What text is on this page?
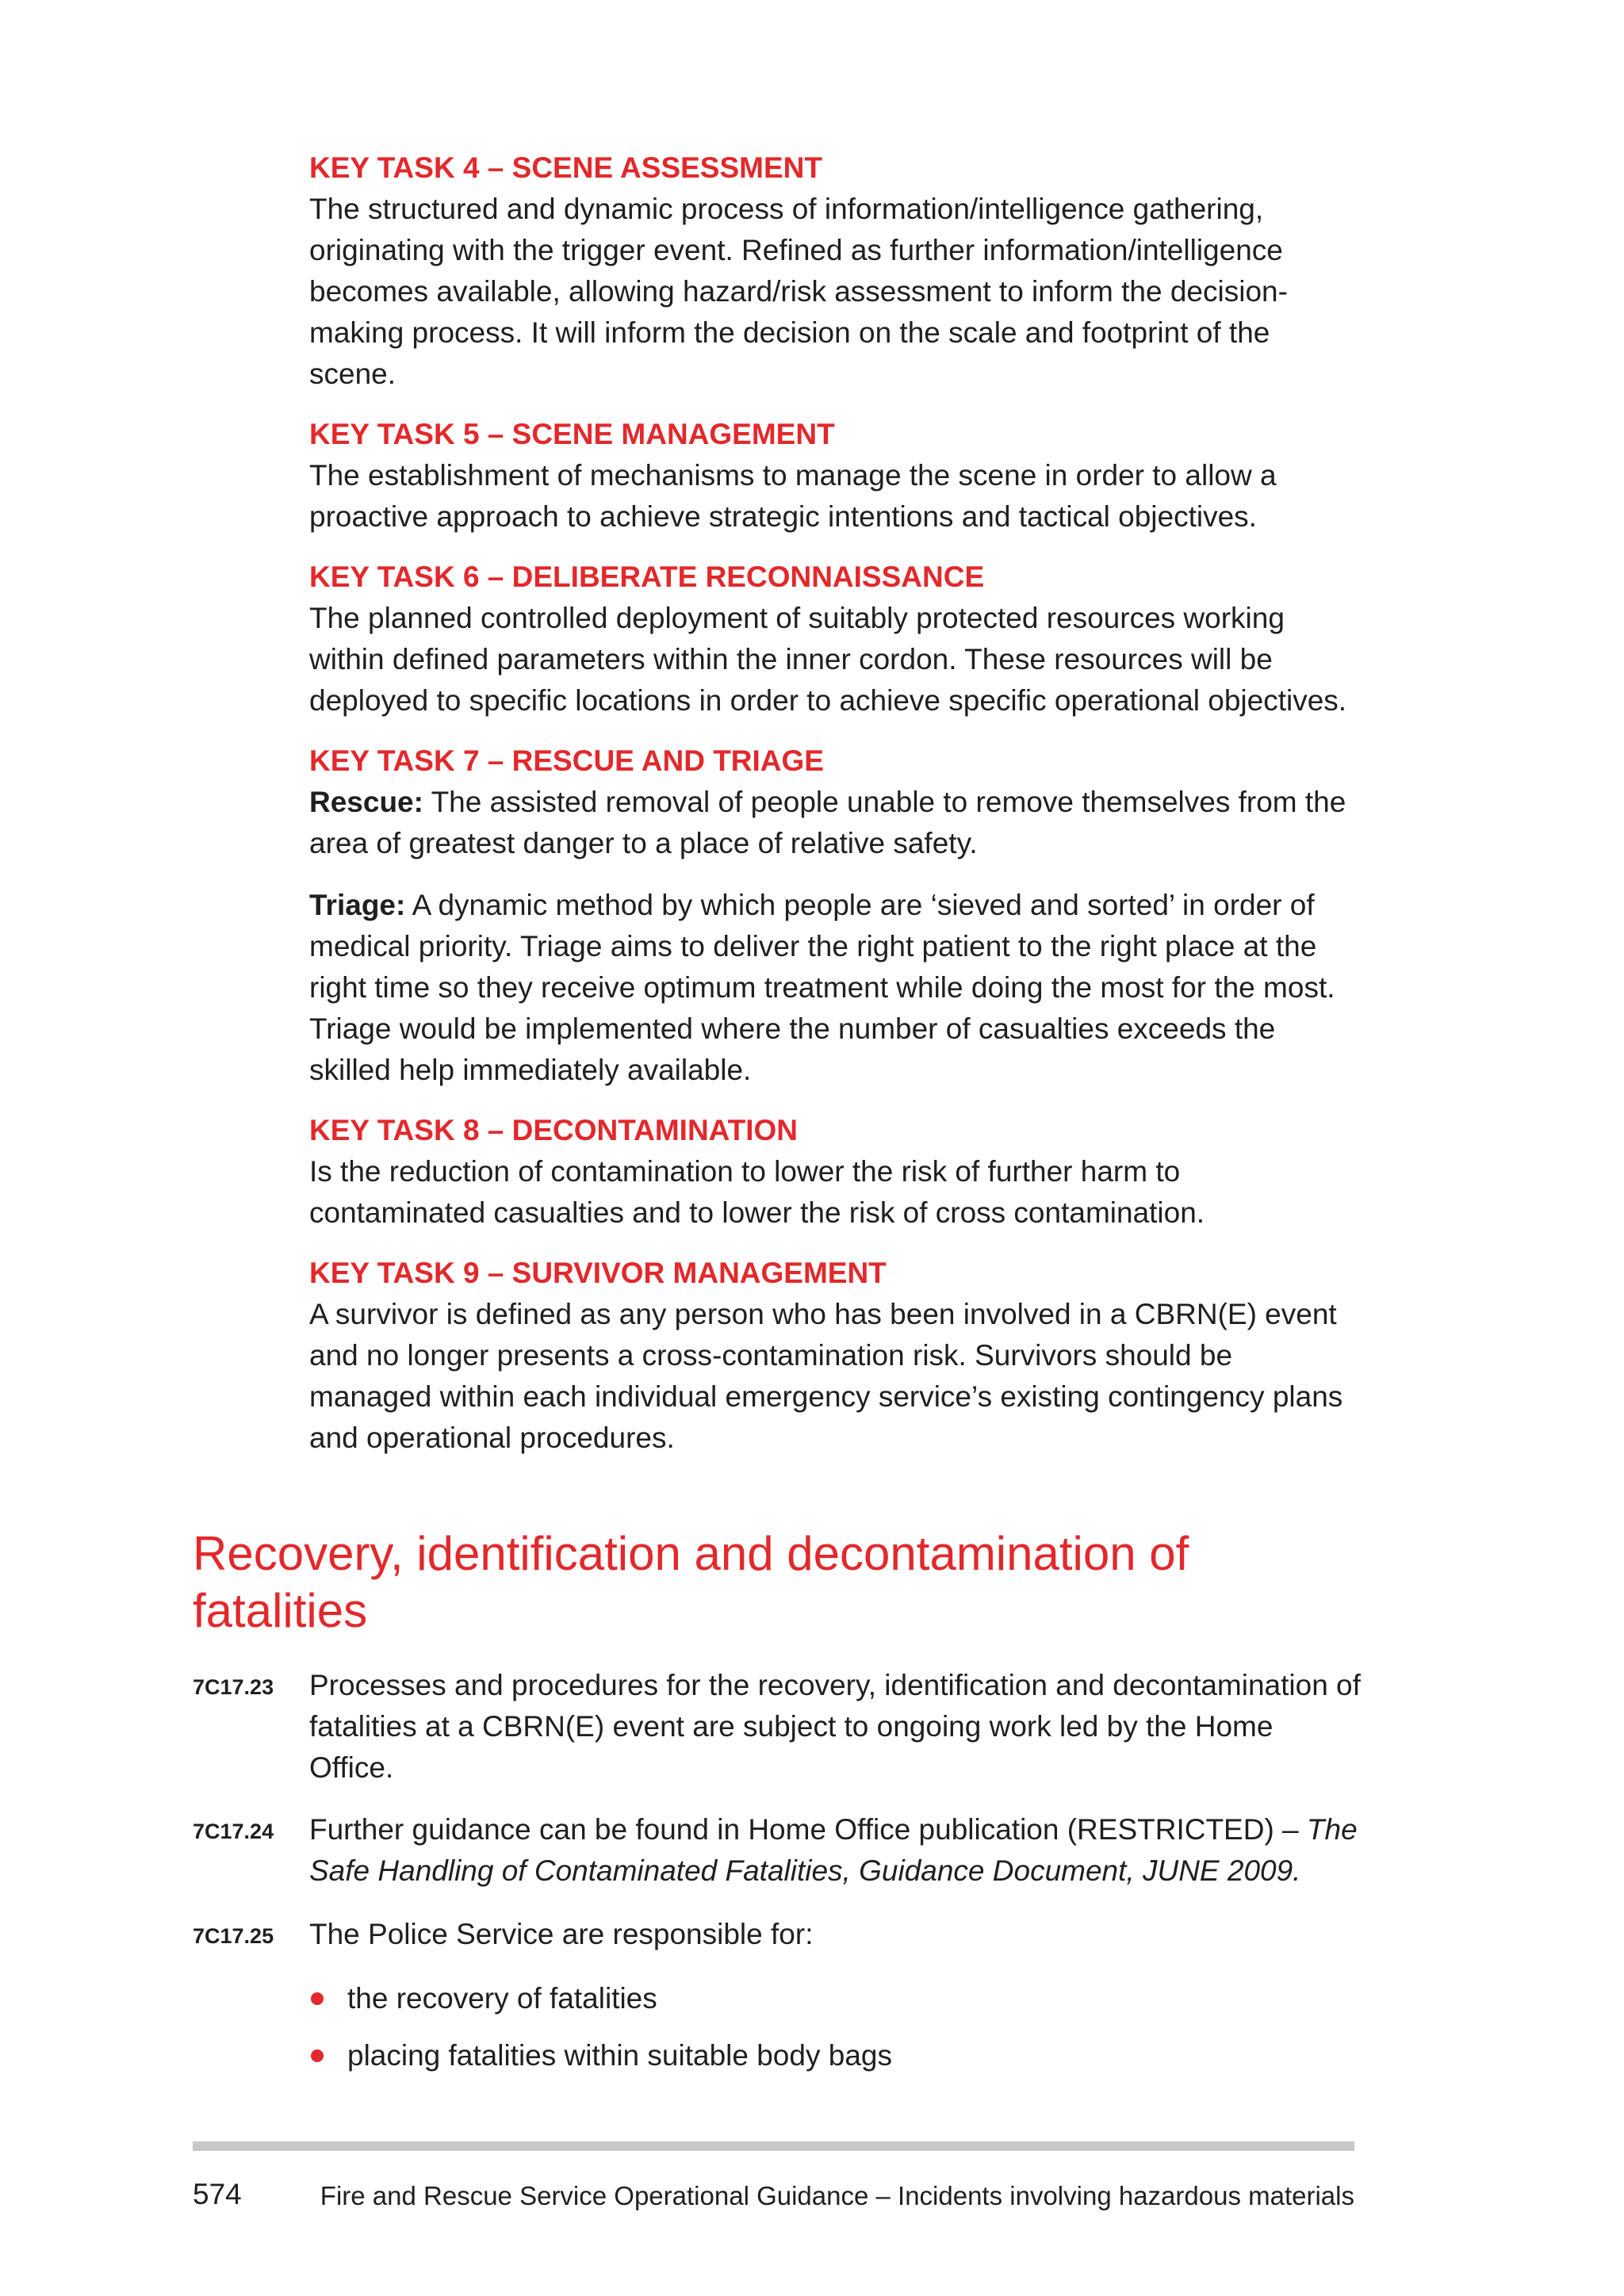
KEY TASK 4 – SCENE ASSESSMENT

The structured and dynamic process of information/intelligence gathering, originating with the trigger event. Refined as further information/intelligence becomes available, allowing hazard/risk assessment to inform the decision-making process. It will inform the decision on the scale and footprint of the scene.

KEY TASK 5 – SCENE MANAGEMENT

The establishment of mechanisms to manage the scene in order to allow a proactive approach to achieve strategic intentions and tactical objectives.

KEY TASK 6 – DELIBERATE RECONNAISSANCE

The planned controlled deployment of suitably protected resources working within defined parameters within the inner cordon. These resources will be deployed to specific locations in order to achieve specific operational objectives.

KEY TASK 7 – RESCUE AND TRIAGE

Rescue: The assisted removal of people unable to remove themselves from the area of greatest danger to a place of relative safety.

Triage: A dynamic method by which people are ‘sieved and sorted’ in order of medical priority. Triage aims to deliver the right patient to the right place at the right time so they receive optimum treatment while doing the most for the most. Triage would be implemented where the number of casualties exceeds the skilled help immediately available.

KEY TASK 8 – DECONTAMINATION

Is the reduction of contamination to lower the risk of further harm to contaminated casualties and to lower the risk of cross contamination.

KEY TASK 9 – SURVIVOR MANAGEMENT

A survivor is defined as any person who has been involved in a CBRN(E) event and no longer presents a cross-contamination risk. Survivors should be managed within each individual emergency service’s existing contingency plans and operational procedures.

Recovery, identification and decontamination of fatalities
7C17.23 Processes and procedures for the recovery, identification and decontamination of fatalities at a CBRN(E) event are subject to ongoing work led by the Home Office.

7C17.24 Further guidance can be found in Home Office publication (RESTRICTED) – The Safe Handling of Contaminated Fatalities, Guidance Document, JUNE 2009.

7C17.25 The Police Service are responsible for:

the recovery of fatalities
placing fatalities within suitable body bags
574	Fire and Rescue Service Operational Guidance – Incidents involving hazardous materials
